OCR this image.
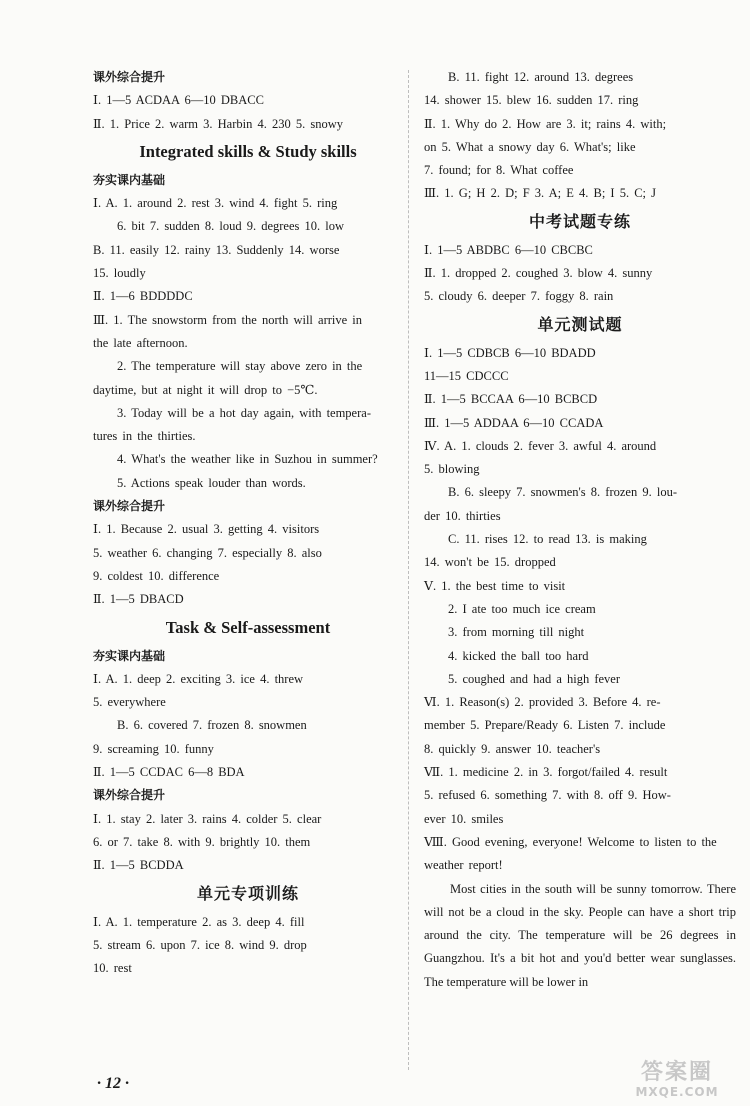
课外综合提升
Ⅰ. 1—5 ACDAA 6—10 DBACC
Ⅱ. 1. Price 2. warm 3. Harbin 4. 230 5. snowy
Integrated skills & Study skills
夯实课内基础
Ⅰ. A. 1. around 2. rest 3. wind 4. fight 5. ring
6. bit 7. sudden 8. loud 9. degrees 10. low
B. 11. easily 12. rainy 13. Suddenly 14. worse
15. loudly
Ⅱ. 1—6 BDDDDC
Ⅲ. 1. The snowstorm from the north will arrive in
the late afternoon.
2. The temperature will stay above zero in the
daytime, but at night it will drop to −5℃.
3. Today will be a hot day again, with tempera-
tures in the thirties.
4. What's the weather like in Suzhou in summer?
5. Actions speak louder than words.
课外综合提升
Ⅰ. 1. Because 2. usual 3. getting 4. visitors
5. weather 6. changing 7. especially 8. also
9. coldest 10. difference
Ⅱ. 1—5 DBACD
Task & Self-assessment
夯实课内基础
Ⅰ. A. 1. deep 2. exciting 3. ice 4. threw
5. everywhere
B. 6. covered 7. frozen 8. snowmen
9. screaming 10. funny
Ⅱ. 1—5 CCDAC 6—8 BDA
课外综合提升
Ⅰ. 1. stay 2. later 3. rains 4. colder 5. clear
6. or 7. take 8. with 9. brightly 10. them
Ⅱ. 1—5 BCDDA
单元专项训练
Ⅰ. A. 1. temperature 2. as 3. deep 4. fill
5. stream 6. upon 7. ice 8. wind 9. drop
10. rest
B. 11. fight 12. around 13. degrees
14. shower 15. blew 16. sudden 17. ring
Ⅱ. 1. Why do 2. How are 3. it; rains 4. with;
on 5. What a snowy day 6. What's; like
7. found; for 8. What coffee
Ⅲ. 1. G; H 2. D; F 3. A; E 4. B; I 5. C; J
中考试题专练
Ⅰ. 1—5 ABDBC 6—10 CBCBC
Ⅱ. 1. dropped 2. coughed 3. blow 4. sunny
5. cloudy 6. deeper 7. foggy 8. rain
单元测试题
Ⅰ. 1—5 CDBCB 6—10 BDADD
11—15 CDCCC
Ⅱ. 1—5 BCCAA 6—10 BCBCD
Ⅲ. 1—5 ADDAA 6—10 CCADA
Ⅳ. A. 1. clouds 2. fever 3. awful 4. around
5. blowing
B. 6. sleepy 7. snowmen's 8. frozen 9. lou-
der 10. thirties
C. 11. rises 12. to read 13. is making
14. won't be 15. dropped
Ⅴ. 1. the best time to visit
2. I ate too much ice cream
3. from morning till night
4. kicked the ball too hard
5. coughed and had a high fever
Ⅵ. 1. Reason(s) 2. provided 3. Before 4. re-
member 5. Prepare/Ready 6. Listen 7. include
8. quickly 9. answer 10. teacher's
Ⅶ. 1. medicine 2. in 3. forgot/failed 4. result
5. refused 6. something 7. with 8. off 9. How-
ever 10. smiles
Ⅷ. Good evening, everyone! Welcome to listen to the
weather report!
Most cities in the south will be sunny tomorrow. There will not be a cloud in the sky. People can have a short trip around the city. The temperature will be 26 degrees in Guangzhou. It's a bit hot and you'd better wear sunglasses. The temperature will be lower in
· 12 ·	答案圈
MXQE.COM
